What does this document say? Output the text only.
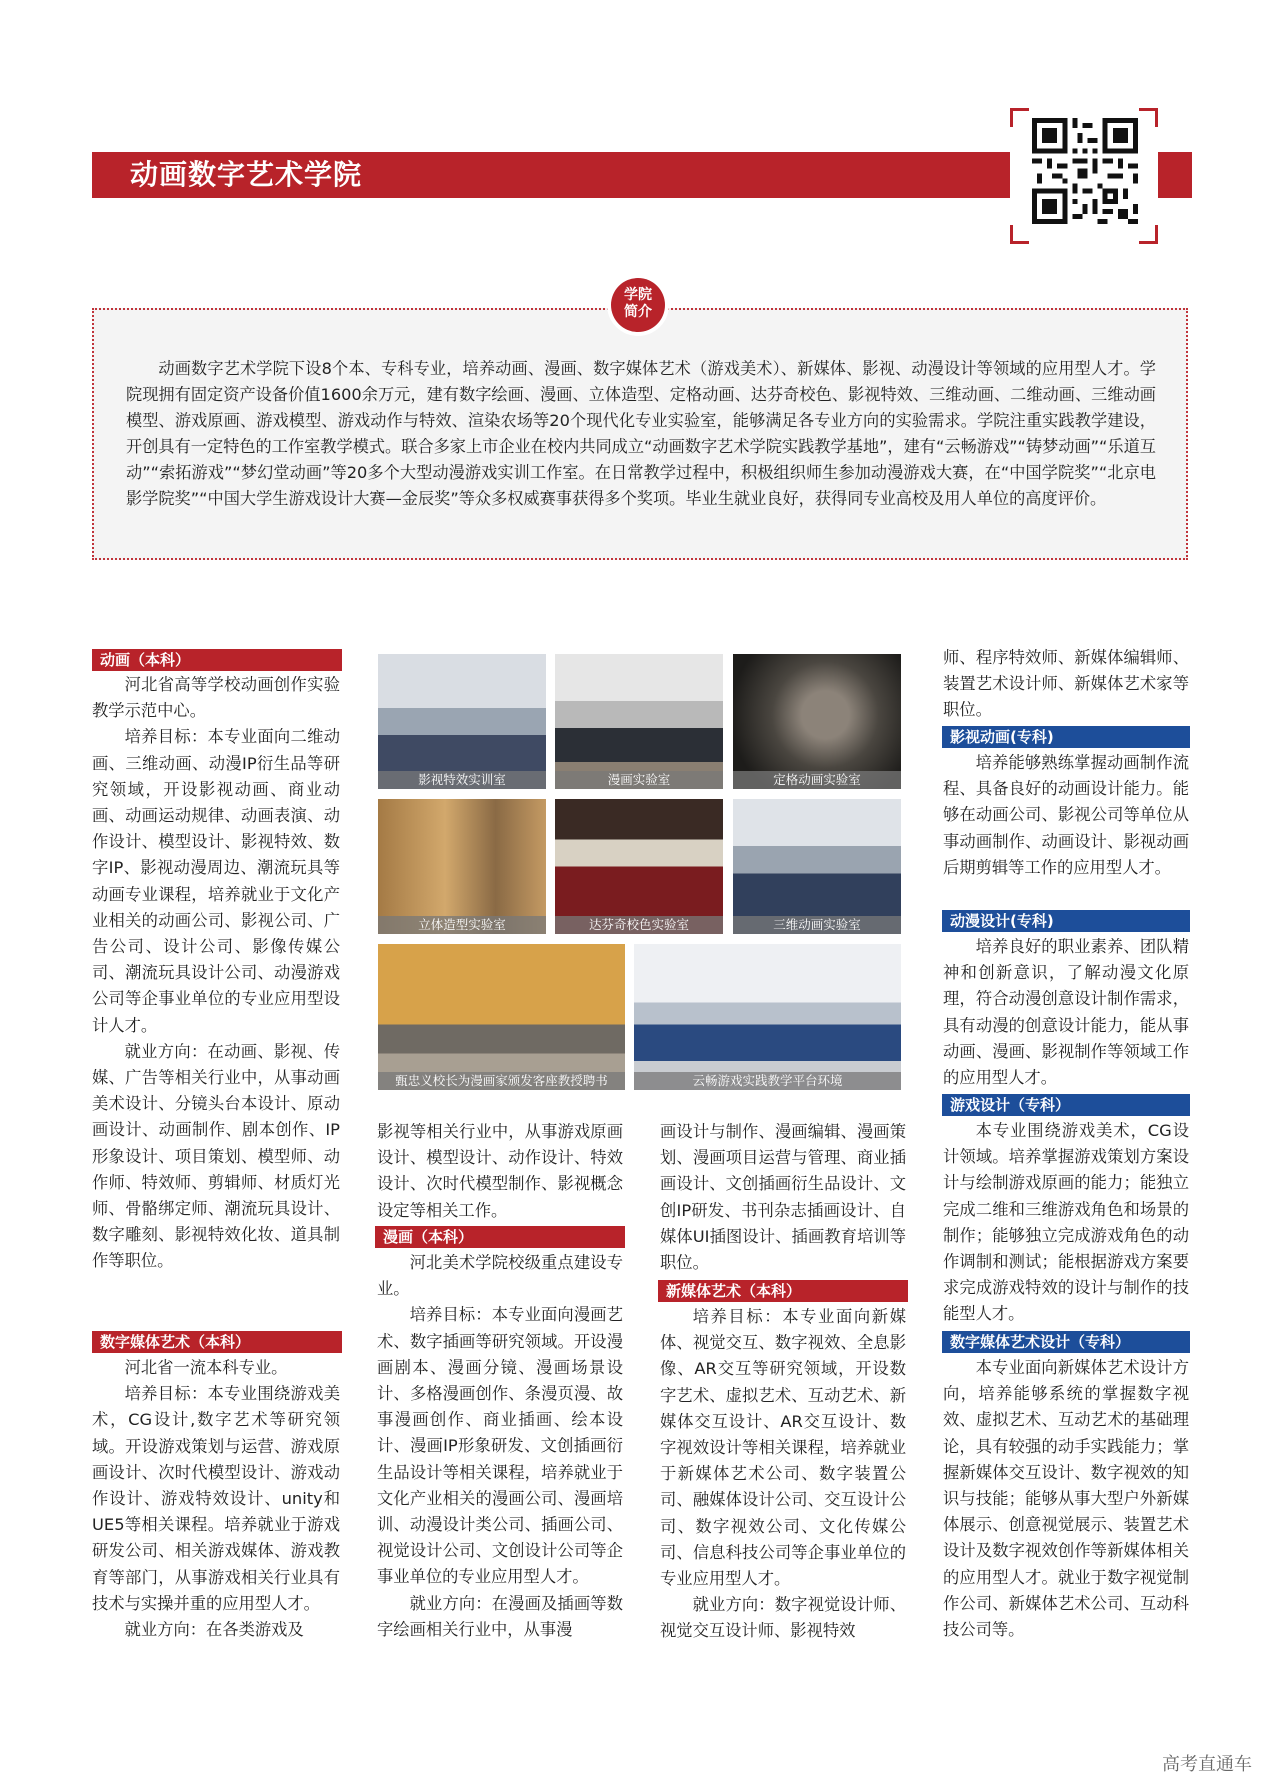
动画数字艺术学院
学院
简介
动画数字艺术学院下设8个本、专科专业，培养动画、漫画、数字媒体艺术（游戏美术）、新媒体、影视、动漫设计等领域的应用型人才。学院现拥有固定资产设备价值1600余万元，建有数字绘画、漫画、立体造型、定格动画、达芬奇校色、影视特效、三维动画、二维动画、三维动画模型、游戏原画、游戏模型、游戏动作与特效、渲染农场等20个现代化专业实验室，能够满足各专业方向的实验需求。学院注重实践教学建设，开创具有一定特色的工作室教学模式。联合多家上市企业在校内共同成立“动画数字艺术学院实践教学基地”，建有“云畅游戏”“铸梦动画”“乐道互动”“索拓游戏”“梦幻堂动画”等20多个大型动漫游戏实训工作室。在日常教学过程中，积极组织师生参加动漫游戏大赛，在“中国学院奖”“北京电影学院奖”“中国大学生游戏设计大赛—金辰奖”等众多权威赛事获得多个奖项。毕业生就业良好，获得同专业高校及用人单位的高度评价。
动画（本科）

河北省高等学校动画创作实验教学示范中心。

培养目标：本专业面向二维动画、三维动画、动漫IP衍生品等研究领域，开设影视动画、商业动画、动画运动规律、动画表演、动作设计、模型设计、影视特效、数字IP、影视动漫周边、潮流玩具等动画专业课程，培养就业于文化产业相关的动画公司、影视公司、广告公司、设计公司、影像传媒公司、潮流玩具设计公司、动漫游戏公司等企事业单位的专业应用型设计人才。

就业方向：在动画、影视、传媒、广告等相关行业中，从事动画美术设计、分镜头台本设计、原动画设计、动画制作、剧本创作、IP形象设计、项目策划、模型师、动作师、特效师、剪辑师、材质灯光师、骨骼绑定师、潮流玩具设计、数字雕刻、影视特效化妆、道具制作等职位。

数字媒体艺术（本科）

河北省一流本科专业。

培养目标：本专业围绕游戏美术，CG设计,数字艺术等研究领域。开设游戏策划与运营、游戏原画设计、次时代模型设计、游戏动作设计、游戏特效设计、unity和UE5等相关课程。培养就业于游戏研发公司、相关游戏媒体、游戏教育等部门，从事游戏相关行业具有技术与实操并重的应用型人才。

就业方向：在各类游戏及

影视特效实训室	漫画实验室	定格动画实验室
立体造型实验室	达芬奇校色实验室	三维动画实验室
甄忠义校长为漫画家颁发客座教授聘书	云畅游戏实践教学平台环境

影视等相关行业中，从事游戏原画设计、模型设计、动作设计、特效设计、次时代模型制作、影视概念设定等相关工作。

漫画（本科）

河北美术学院校级重点建设专业。

培养目标：本专业面向漫画艺术、数字插画等研究领域。开设漫画剧本、漫画分镜、漫画场景设计、多格漫画创作、条漫页漫、故事漫画创作、商业插画、绘本设计、漫画IP形象研发、文创插画衍生品设计等相关课程，培养就业于文化产业相关的漫画公司、漫画培训、动漫设计类公司、插画公司、视觉设计公司、文创设计公司等企事业单位的专业应用型人才。

就业方向：在漫画及插画等数字绘画相关行业中，从事漫

画设计与制作、漫画编辑、漫画策划、漫画项目运营与管理、商业插画设计、文创插画衍生品设计、文创IP研发、书刊杂志插画设计、自媒体UI插图设计、插画教育培训等职位。

新媒体艺术（本科）

培养目标：本专业面向新媒体、视觉交互、数字视效、全息影像、AR交互等研究领域，开设数字艺术、虚拟艺术、互动艺术、新媒体交互设计、AR交互设计、数字视效设计等相关课程，培养就业于新媒体艺术公司、数字装置公司、融媒体设计公司、交互设计公司、数字视效公司、文化传媒公司、信息科技公司等企事业单位的专业应用型人才。

就业方向：数字视觉设计师、视觉交互设计师、影视特效

师、程序特效师、新媒体编辑师、装置艺术设计师、新媒体艺术家等职位。

影视动画(专科)

培养能够熟练掌握动画制作流程、具备良好的动画设计能力。能够在动画公司、影视公司等单位从事动画制作、动画设计、影视动画后期剪辑等工作的应用型人才。

动漫设计(专科)

培养良好的职业素养、团队精神和创新意识，了解动漫文化原理，符合动漫创意设计制作需求，具有动漫的创意设计能力，能从事动画、漫画、影视制作等领域工作的应用型人才。

游戏设计（专科）

本专业围绕游戏美术，CG设计领域。培养掌握游戏策划方案设计与绘制游戏原画的能力；能独立完成二维和三维游戏角色和场景的制作；能够独立完成游戏角色的动作调制和测试；能根据游戏方案要求完成游戏特效的设计与制作的技能型人才。

数字媒体艺术设计（专科）

本专业面向新媒体艺术设计方向，培养能够系统的掌握数字视效、虚拟艺术、互动艺术的基础理论，具有较强的动手实践能力；掌握新媒体交互设计、数字视效的知识与技能；能够从事大型户外新媒体展示、创意视觉展示、装置艺术设计及数字视效创作等新媒体相关的应用型人才。就业于数字视觉制作公司、新媒体艺术公司、互动科技公司等。

高考直通车
